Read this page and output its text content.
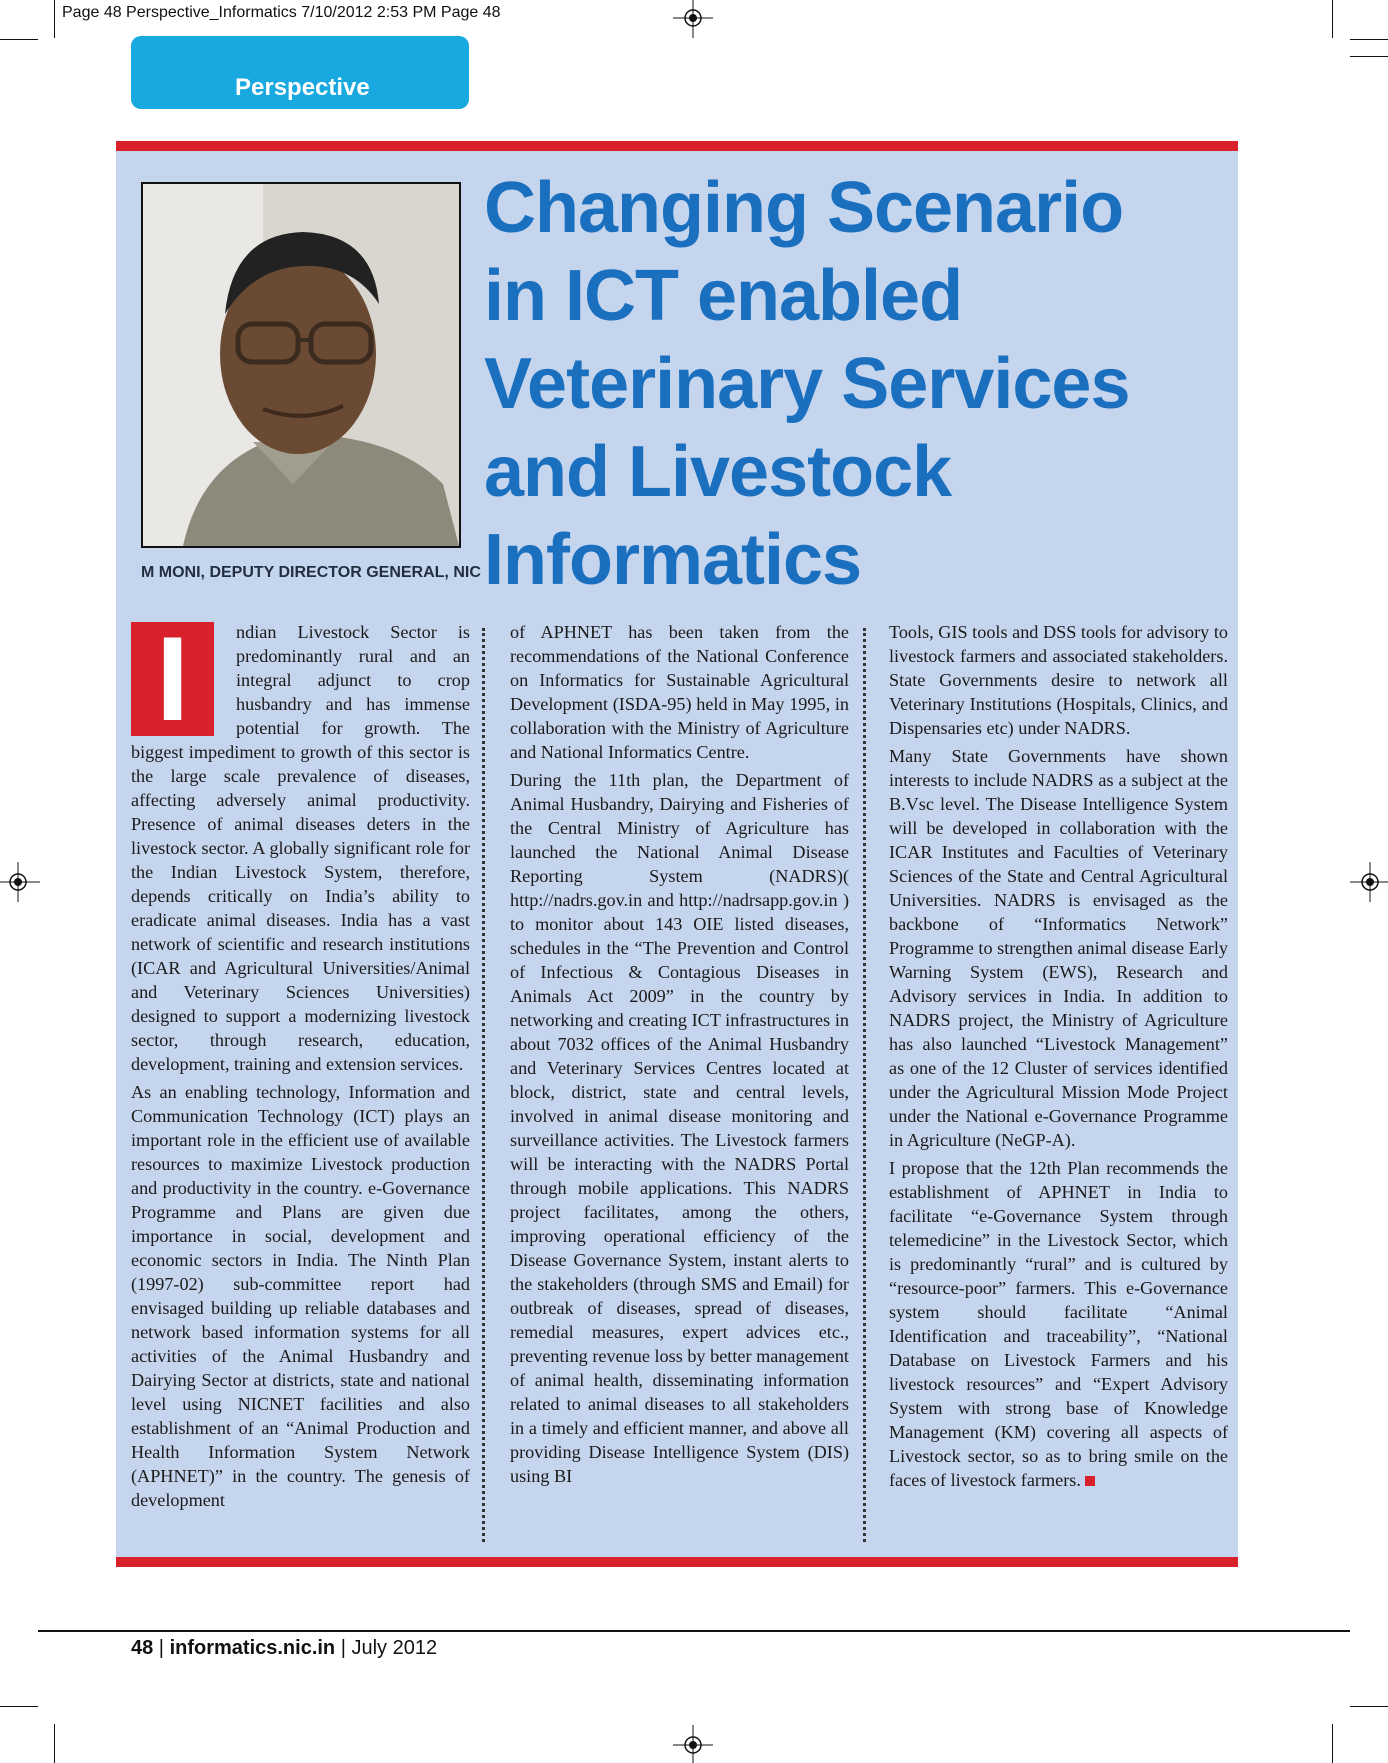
Page 48 Perspective_Informatics 7/10/2012 2:53 PM Page 48
Perspective
M MONI, DEPUTY DIRECTOR GENERAL, NIC
Changing Scenario
in ICT enabled
Veterinary Services
and Livestock
Informatics
I	ndian Livestock Sector is predominantly rural and an integral adjunct to crop husbandry and has immense potential for growth. The biggest impediment to growth of this sector is the large scale prevalence of diseases, affecting adversely animal productivity. Presence of animal diseases deters in the livestock sector. A globally significant role for the Indian Livestock System, therefore, depends critically on India’s ability to eradicate animal diseases. India has a vast network of scientific and research institutions (ICAR and Agricultural Universities/Animal and Veterinary Sciences Universities) designed to support a modernizing livestock sector, through research, education, development, training and extension services.

As an enabling technology, Information and Communication Technology (ICT) plays an important role in the efficient use of available resources to maximize Livestock production and productivity in the country. e-Governance Programme and Plans are given due importance in social, development and economic sectors in India. The Ninth Plan (1997-02) sub-committee report had envisaged building up reliable databases and network based information systems for all activities of the Animal Husbandry and Dairying Sector at districts, state and national level using NICNET facilities and also establishment of an “Animal Production and Health Information System Network (APHNET)” in the country. The genesis of development

of APHNET has been taken from the recommendations of the National Conference on Informatics for Sustainable Agricultural Development (ISDA-95) held in May 1995, in collaboration with the Ministry of Agriculture and National Informatics Centre.

During the 11th plan, the Department of Animal Husbandry, Dairying and Fisheries of the Central Ministry of Agriculture has launched the National Animal Disease Reporting System (NADRS)( http://nadrs.gov.in and http://nadrsapp.gov.in ) to monitor about 143 OIE listed diseases, schedules in the “The Prevention and Control of Infectious & Contagious Diseases in Animals Act 2009” in the country by networking and creating ICT infrastructures in about 7032 offices of the Animal Husbandry and Veterinary Services Centres located at block, district, state and central levels, involved in animal disease monitoring and surveillance activities. The Livestock farmers will be interacting with the NADRS Portal through mobile applications. This NADRS project facilitates, among the others, improving operational efficiency of the Disease Governance System, instant alerts to the stakeholders (through SMS and Email) for outbreak of diseases, spread of diseases, remedial measures, expert advices etc., preventing revenue loss by better management of animal health, disseminating information related to animal diseases to all stakeholders in a timely and efficient manner, and above all providing Disease Intelligence System (DIS) using BI

Tools, GIS tools and DSS tools for advisory to livestock farmers and associated stakeholders. State Governments desire to network all Veterinary Institutions (Hospitals, Clinics, and Dispensaries etc) under NADRS.

Many State Governments have shown interests to include NADRS as a subject at the B.Vsc level. The Disease Intelligence System will be developed in collaboration with the ICAR Institutes and Faculties of Veterinary Sciences of the State and Central Agricultural Universities. NADRS is envisaged as the backbone of “Informatics Network” Programme to strengthen animal disease Early Warning System (EWS), Research and Advisory services in India. In addition to NADRS project, the Ministry of Agriculture has also launched “Livestock Management” as one of the 12 Cluster of services identified under the Agricultural Mission Mode Project under the National e-Governance Programme in Agriculture (NeGP-A).

I propose that the 12th Plan recommends the establishment of APHNET in India to facilitate “e-Governance System through telemedicine” in the Livestock Sector, which is predominantly “rural” and is cultured by “resource-poor” farmers. This e-Governance system should facilitate “Animal Identification and traceability”, “National Database on Livestock Farmers and his livestock resources” and “Expert Advisory System with strong base of Knowledge Management (KM) covering all aspects of Livestock sector, so as to bring smile on the faces of livestock farmers.

48 | informatics.nic.in | July 2012
